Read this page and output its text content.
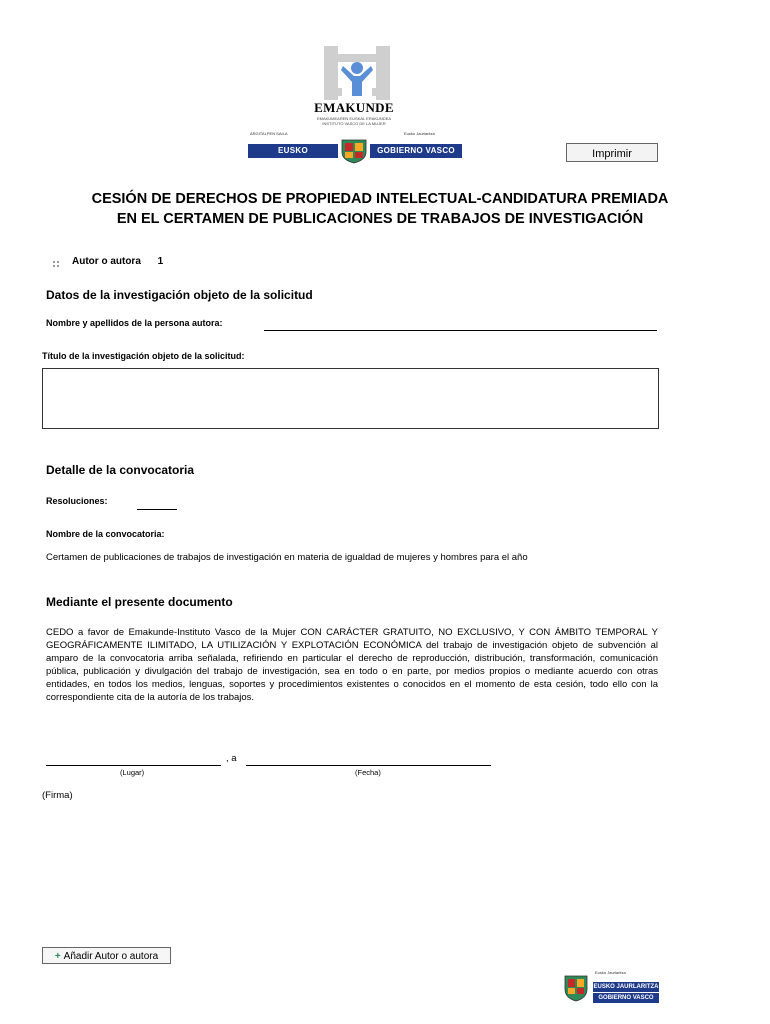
EMAKUNDE
EMAKUMEAREN EUSKAL ERAKUNDEA INSTITUTO VASCO DE LA MUJER
ARGITALPEN SAILA	Eusko Jaurlaritza
EUSKO JAURLARITZA
GOBIERNO VASCO	Imprimir
CESIÓN DE DERECHOS DE PROPIEDAD INTELECTUAL-CANDIDATURA PREMIADA
EN EL CERTAMEN DE PUBLICACIONES DE TRABAJOS DE INVESTIGACIÓN
Autor o autora 1
Datos de la investigación objeto de la solicitud
Nombre y apellidos de la persona autora:
Título de la investigación objeto de la solicitud:
Detalle de la convocatoria
Resoluciones:
Nombre de la convocatoria:
Certamen de publicaciones de trabajos de investigación en materia de igualdad de mujeres y hombres para el año
Mediante el presente documento
CEDO a favor de Emakunde-Instituto Vasco de la Mujer CON CARÁCTER GRATUITO, NO EXCLUSIVO, Y CON ÁMBITO TEMPORAL Y GEOGRÁFICAMENTE ILIMITADO, LA UTILIZACIÓN Y EXPLOTACIÓN ECONÓMICA del trabajo de investigación objeto de subvención al amparo de la convocatoria arriba señalada, refiriendo en particular el derecho de reproducción, distribución, transformación, comunicación pública, publicación y divulgación del trabajo de investigación, sea en todo o en parte, por medios propios o mediante acuerdo con otras entidades, en todos los medios, lenguas, soportes y procedimientos existentes o conocidos en el momento de esta cesión, todo ello con la correspondiente cita de la autoría de los trabajos.
, a
(Lugar)	(Fecha)
(Firma)
+ Añadir Autor o autora
Eusko Jaurlaritza
EUSKO JAURLARITZA
GOBIERNO VASCO
